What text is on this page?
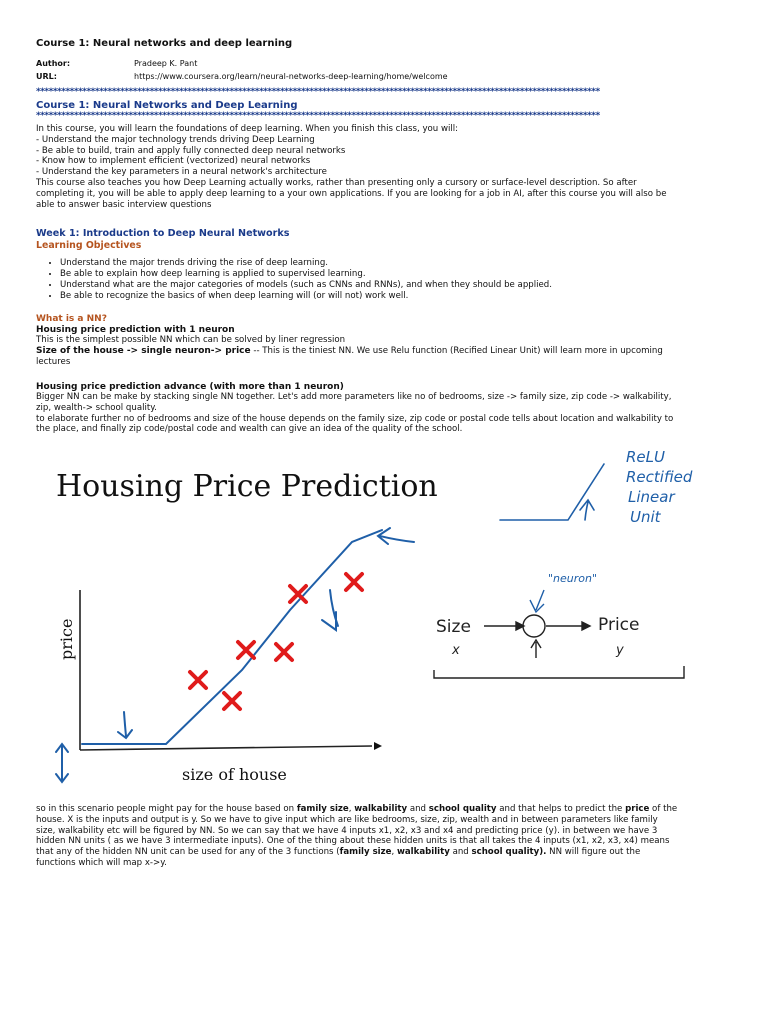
Course 1: Neural networks and deep learning
Author:	Pradeep K. Pant
URL:	https://www.coursera.org/learn/neural-networks-deep-learning/home/welcome
**************************************************************************************************************************************
Course 1: Neural Networks and Deep Learning
**************************************************************************************************************************************
In this course, you will learn the foundations of deep learning. When you finish this class, you will:
- Understand the major technology trends driving Deep Learning
- Be able to build, train and apply fully connected deep neural networks
- Know how to implement efficient (vectorized) neural networks
- Understand the key parameters in a neural network's architecture
This course also teaches you how Deep Learning actually works, rather than presenting only a cursory or surface-level description. So after
completing it, you will be able to apply deep learning to a your own applications. If you are looking for a job in AI, after this course you will also be
able to answer basic interview questions
Week 1: Introduction to Deep Neural Networks
Learning Objectives
• Understand the major trends driving the rise of deep learning.
• Be able to explain how deep learning is applied to supervised learning.
• Understand what are the major categories of models (such as CNNs and RNNs), and when they should be applied.
• Be able to recognize the basics of when deep learning will (or will not) work well.
What is a NN?
Housing price prediction with 1 neuron
This is the simplest possible NN which can be solved by liner regression
Size of the house -> single neuron-> price -- This is the tiniest NN. We use Relu function (Recified Linear Unit) will learn more in upcoming
lectures
Housing price prediction advance (with more than 1 neuron)
Bigger NN can be make by stacking single NN together. Let's add more parameters like no of bedrooms, size -> family size, zip code -> walkability,
zip, wealth-> school quality.
to elaborate further no of bedrooms and size of the house depends on the family size, zip code or postal code tells about location and walkability to
the place, and finally zip code/postal code and wealth can give an idea of the quality of the school.
Housing Price Prediction
price
size of house
ReLU
Rectified
Linear
Unit
"neuron"
Size
x
Price
y
so in this scenario people might pay for the house based on family size, walkability and school quality and that helps to predict the price of the
house. X is the inputs and output is y. So we have to give input which are like bedrooms, size, zip, wealth and in between parameters like family
size, walkability etc will be figured by NN. So we can say that we have 4 inputs x1, x2, x3 and x4 and predicting price (y). in between we have 3
hidden NN units ( as we have 3 intermediate inputs). One of the thing about these hidden units is that all takes the 4 inputs (x1, x2, x3, x4) means
that any of the hidden NN unit can be used for any of the 3 functions (family size, walkability and school quality). NN will figure out the
functions which will map x->y.
